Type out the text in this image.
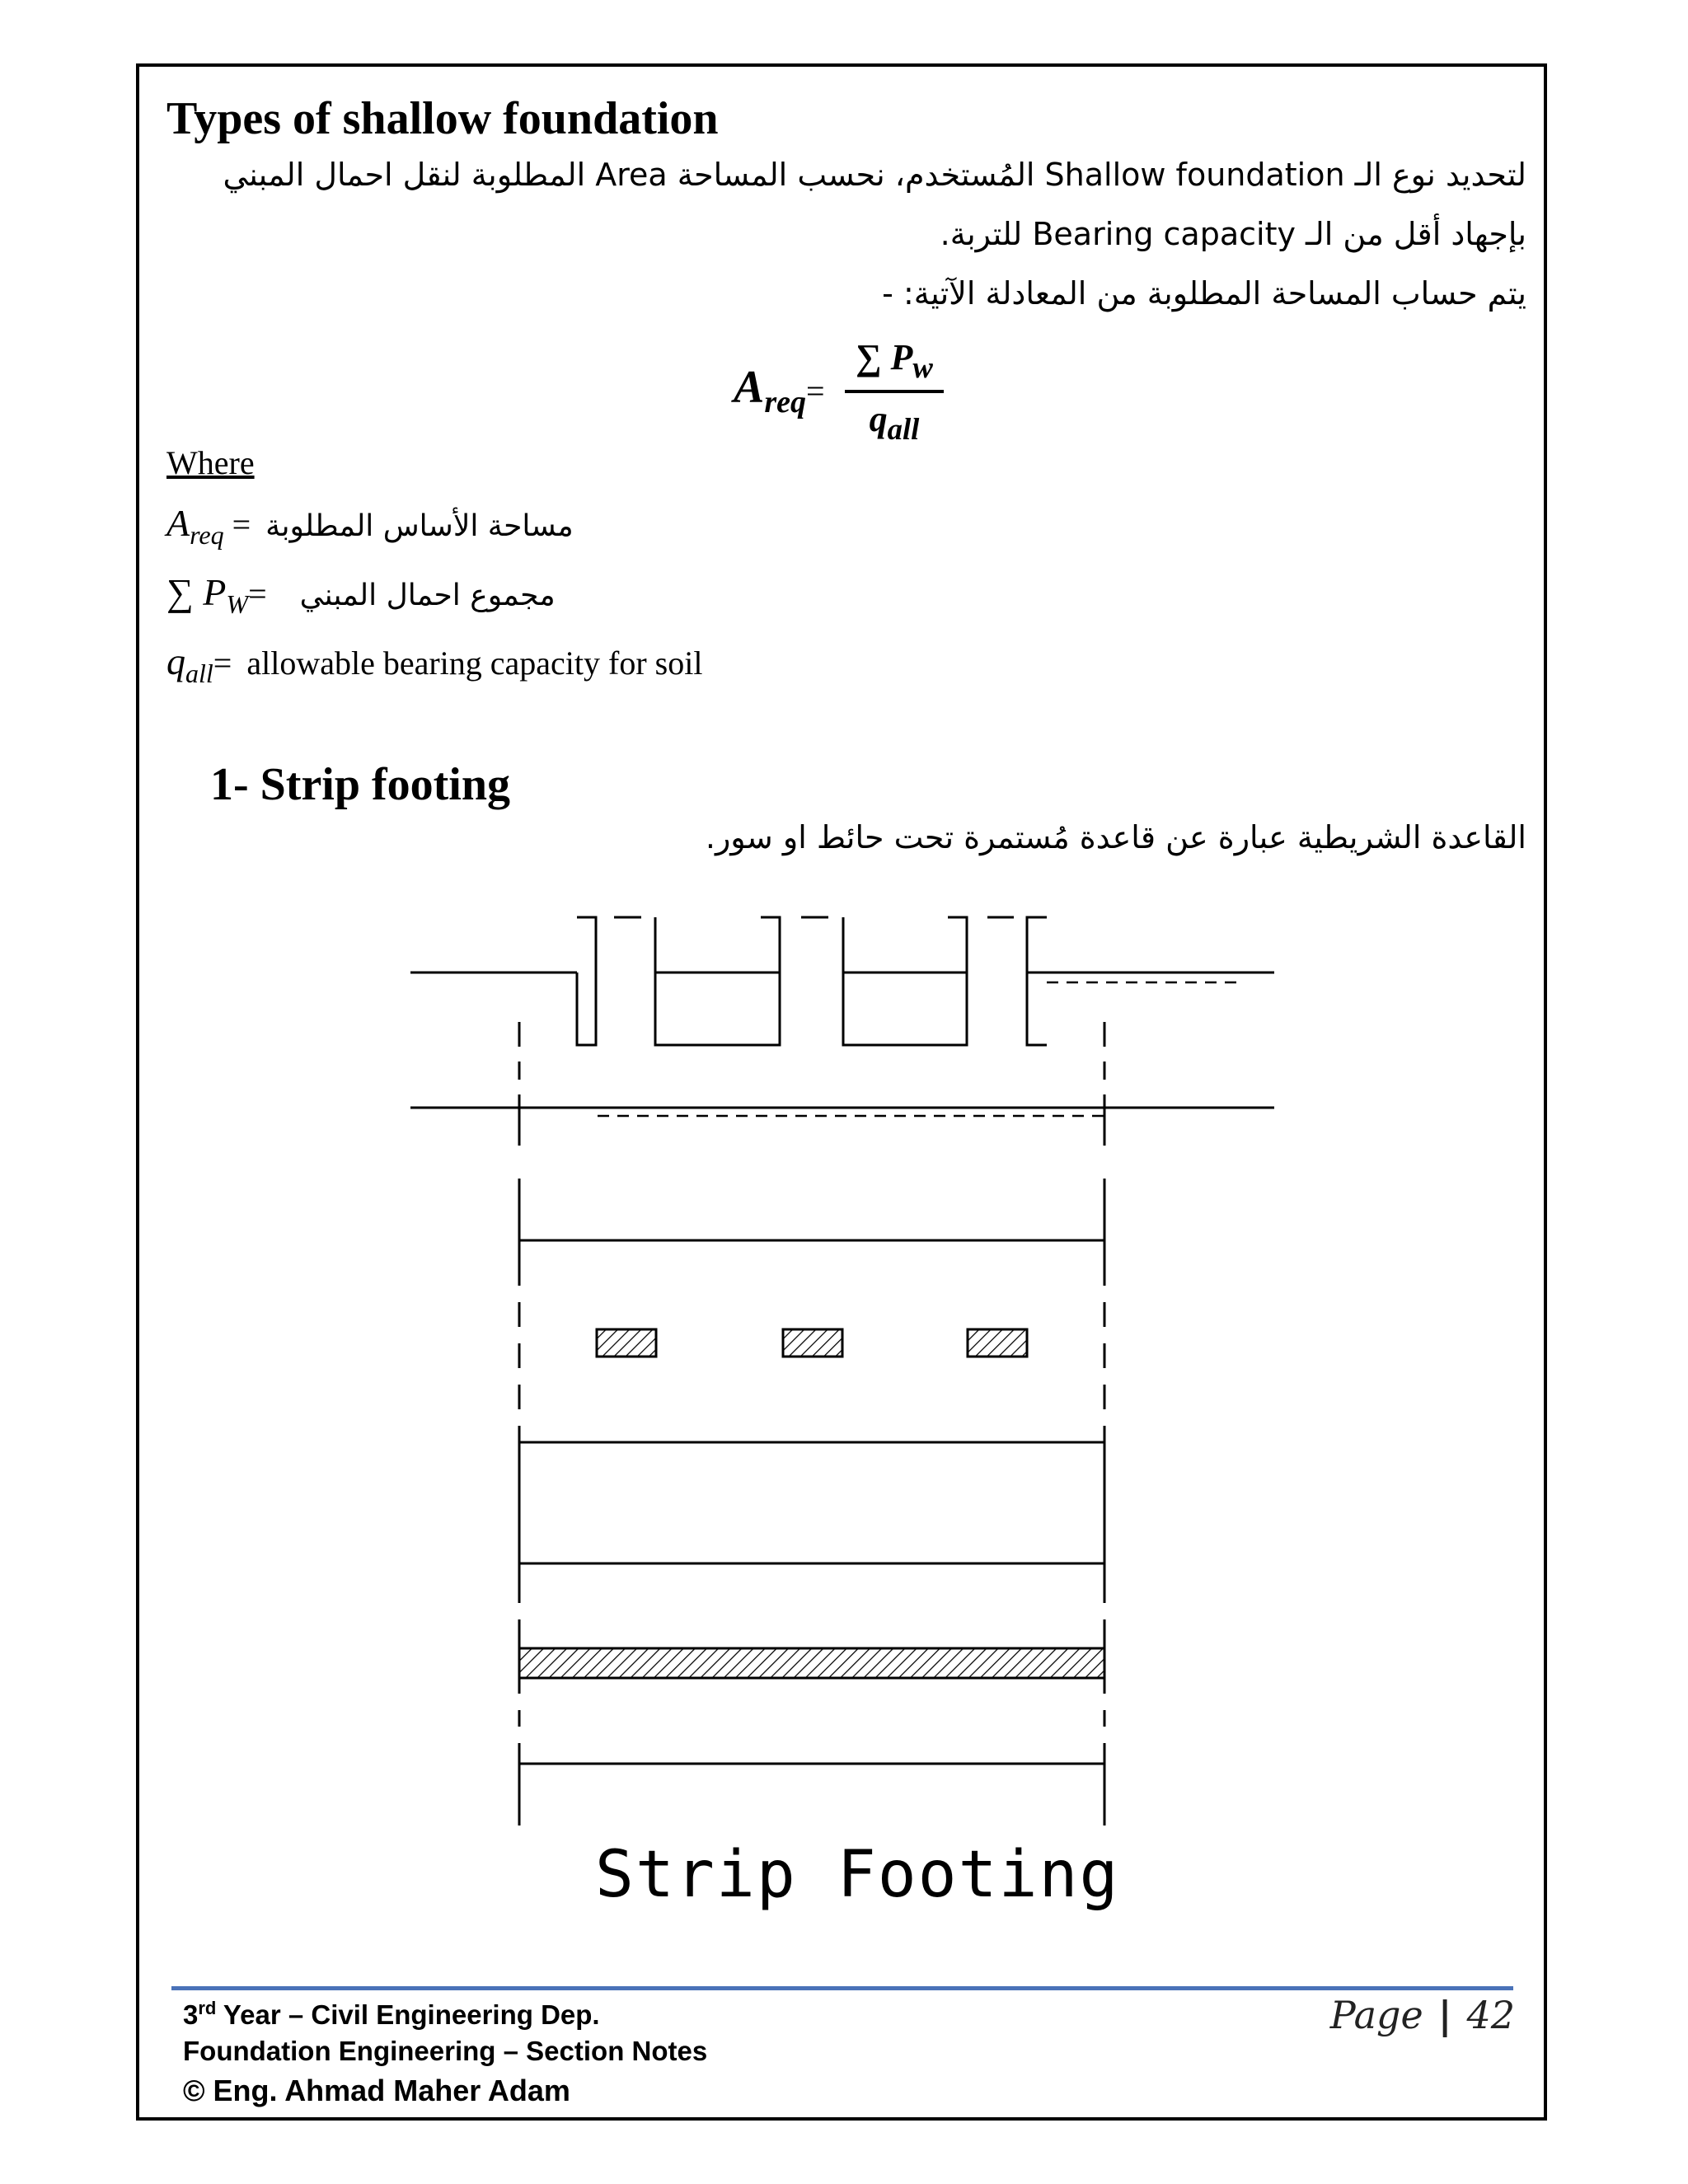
Types of shallow foundation
لتحديد نوع الـ Shallow foundation المُستخدم، نحسب المساحة Area المطلوبة لنقل احمال المبني
بإجهاد أقل من الـ Bearing capacity للتربة.
يتم حساب المساحة المطلوبة من المعادلة الآتية: -
$A_{req}=$
∑ $P_w$
$q_{all}$
Where
$A_{req}$ = مساحة الأساس المطلوبة
∑ $P_W=$ مجموع احمال المبني
$q_{all}=$ allowable bearing capacity for soil
1- Strip footing
القاعدة الشريطية عبارة عن قاعدة مُستمرة تحت حائط او سور.
Strip Footing
3rd Year – Civil Engineering Dep.
Foundation Engineering – Section Notes
© Eng. Ahmad Maher Adam
Page | 42
